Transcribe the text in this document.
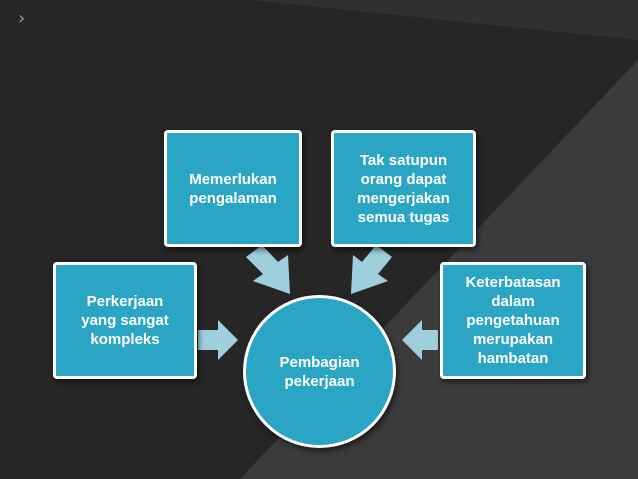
›
Perkerjaan
yang sangat
kompleks
Memerlukan
pengalaman
Tak satupun
orang dapat
mengerjakan
semua tugas
Keterbatasan
dalam
pengetahuan
merupakan
hambatan
Pembagian
pekerjaan
